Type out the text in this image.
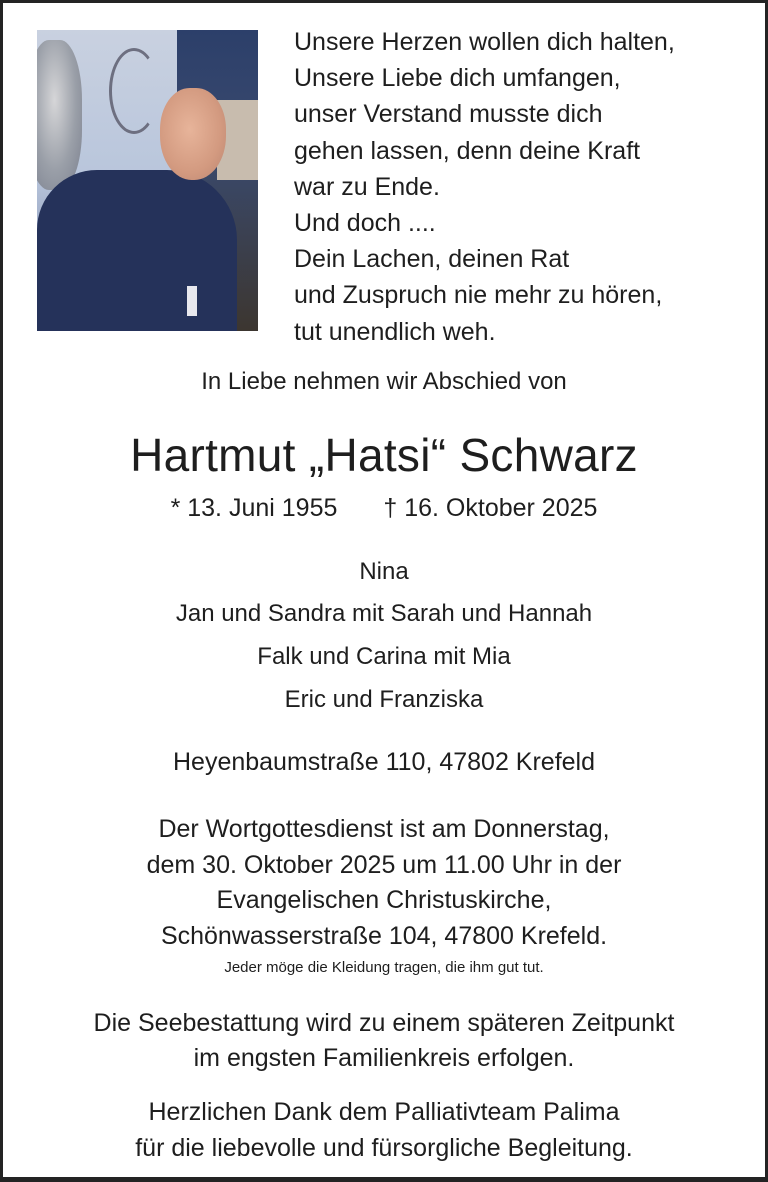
Unsere Herzen wollen dich halten,
Unsere Liebe dich umfangen,
unser Verstand musste dich
gehen lassen, denn deine Kraft
war zu Ende.
Und doch ....
Dein Lachen, deinen Rat
und Zuspruch nie mehr zu hören,
tut unendlich weh.
In Liebe nehmen wir Abschied von
Hartmut „Hatsi“ Schwarz
* 13. Juni 1955 † 16. Oktober 2025
Nina
Jan und Sandra mit Sarah und Hannah
Falk und Carina mit Mia
Eric und Franziska
Heyenbaumstraße 110, 47802 Krefeld
Der Wortgottesdienst ist am Donnerstag,
dem 30. Oktober 2025 um 11.00 Uhr in der
Evangelischen Christuskirche,
Schönwasserstraße 104, 47800 Krefeld.
Jeder möge die Kleidung tragen, die ihm gut tut.
Die Seebestattung wird zu einem späteren Zeitpunkt
im engsten Familienkreis erfolgen.
Herzlichen Dank dem Palliativteam Palima
für die liebevolle und fürsorgliche Begleitung.
